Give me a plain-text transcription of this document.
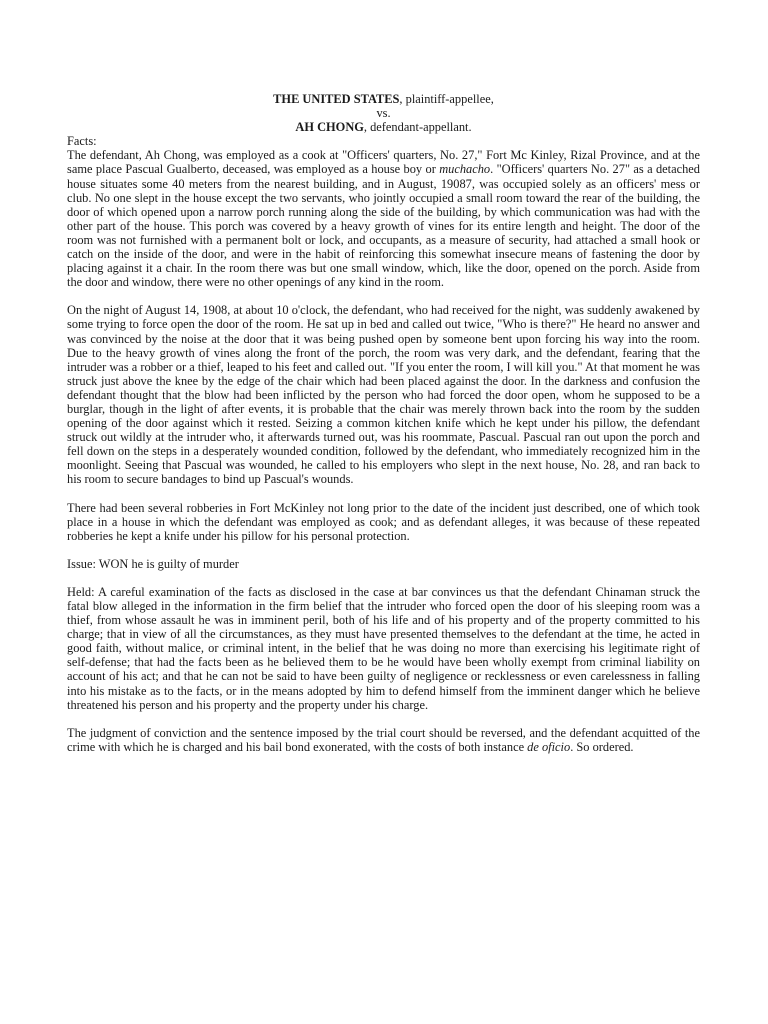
THE UNITED STATES, plaintiff-appellee,
vs.
AH CHONG, defendant-appellant.
Facts:

The defendant, Ah Chong, was employed as a cook at "Officers' quarters, No. 27," Fort Mc Kinley, Rizal Province, and at the same place Pascual Gualberto, deceased, was employed as a house boy or muchacho. "Officers' quarters No. 27" as a detached house situates some 40 meters from the nearest building, and in August, 19087, was occupied solely as an officers' mess or club. No one slept in the house except the two servants, who jointly occupied a small room toward the rear of the building, the door of which opened upon a narrow porch running along the side of the building, by which communication was had with the other part of the house. This porch was covered by a heavy growth of vines for its entire length and height. The door of the room was not furnished with a permanent bolt or lock, and occupants, as a measure of security, had attached a small hook or catch on the inside of the door, and were in the habit of reinforcing this somewhat insecure means of fastening the door by placing against it a chair. In the room there was but one small window, which, like the door, opened on the porch. Aside from the door and window, there were no other openings of any kind in the room.

On the night of August 14, 1908, at about 10 o'clock, the defendant, who had received for the night, was suddenly awakened by some trying to force open the door of the room. He sat up in bed and called out twice, "Who is there?" He heard no answer and was convinced by the noise at the door that it was being pushed open by someone bent upon forcing his way into the room. Due to the heavy growth of vines along the front of the porch, the room was very dark, and the defendant, fearing that the intruder was a robber or a thief, leaped to his feet and called out. "If you enter the room, I will kill you." At that moment he was struck just above the knee by the edge of the chair which had been placed against the door. In the darkness and confusion the defendant thought that the blow had been inflicted by the person who had forced the door open, whom he supposed to be a burglar, though in the light of after events, it is probable that the chair was merely thrown back into the room by the sudden opening of the door against which it rested. Seizing a common kitchen knife which he kept under his pillow, the defendant struck out wildly at the intruder who, it afterwards turned out, was his roommate, Pascual. Pascual ran out upon the porch and fell down on the steps in a desperately wounded condition, followed by the defendant, who immediately recognized him in the moonlight. Seeing that Pascual was wounded, he called to his employers who slept in the next house, No. 28, and ran back to his room to secure bandages to bind up Pascual's wounds.

There had been several robberies in Fort McKinley not long prior to the date of the incident just described, one of which took place in a house in which the defendant was employed as cook; and as defendant alleges, it was because of these repeated robberies he kept a knife under his pillow for his personal protection.

Issue: WON he is guilty of murder

Held: A careful examination of the facts as disclosed in the case at bar convinces us that the defendant Chinaman struck the fatal blow alleged in the information in the firm belief that the intruder who forced open the door of his sleeping room was a thief, from whose assault he was in imminent peril, both of his life and of his property and of the property committed to his charge; that in view of all the circumstances, as they must have presented themselves to the defendant at the time, he acted in good faith, without malice, or criminal intent, in the belief that he was doing no more than exercising his legitimate right of self-defense; that had the facts been as he believed them to be he would have been wholly exempt from criminal liability on account of his act; and that he can not be said to have been guilty of negligence or recklessness or even carelessness in falling into his mistake as to the facts, or in the means adopted by him to defend himself from the imminent danger which he believe threatened his person and his property and the property under his charge.

The judgment of conviction and the sentence imposed by the trial court should be reversed, and the defendant acquitted of the crime with which he is charged and his bail bond exonerated, with the costs of both instance de oficio. So ordered.
